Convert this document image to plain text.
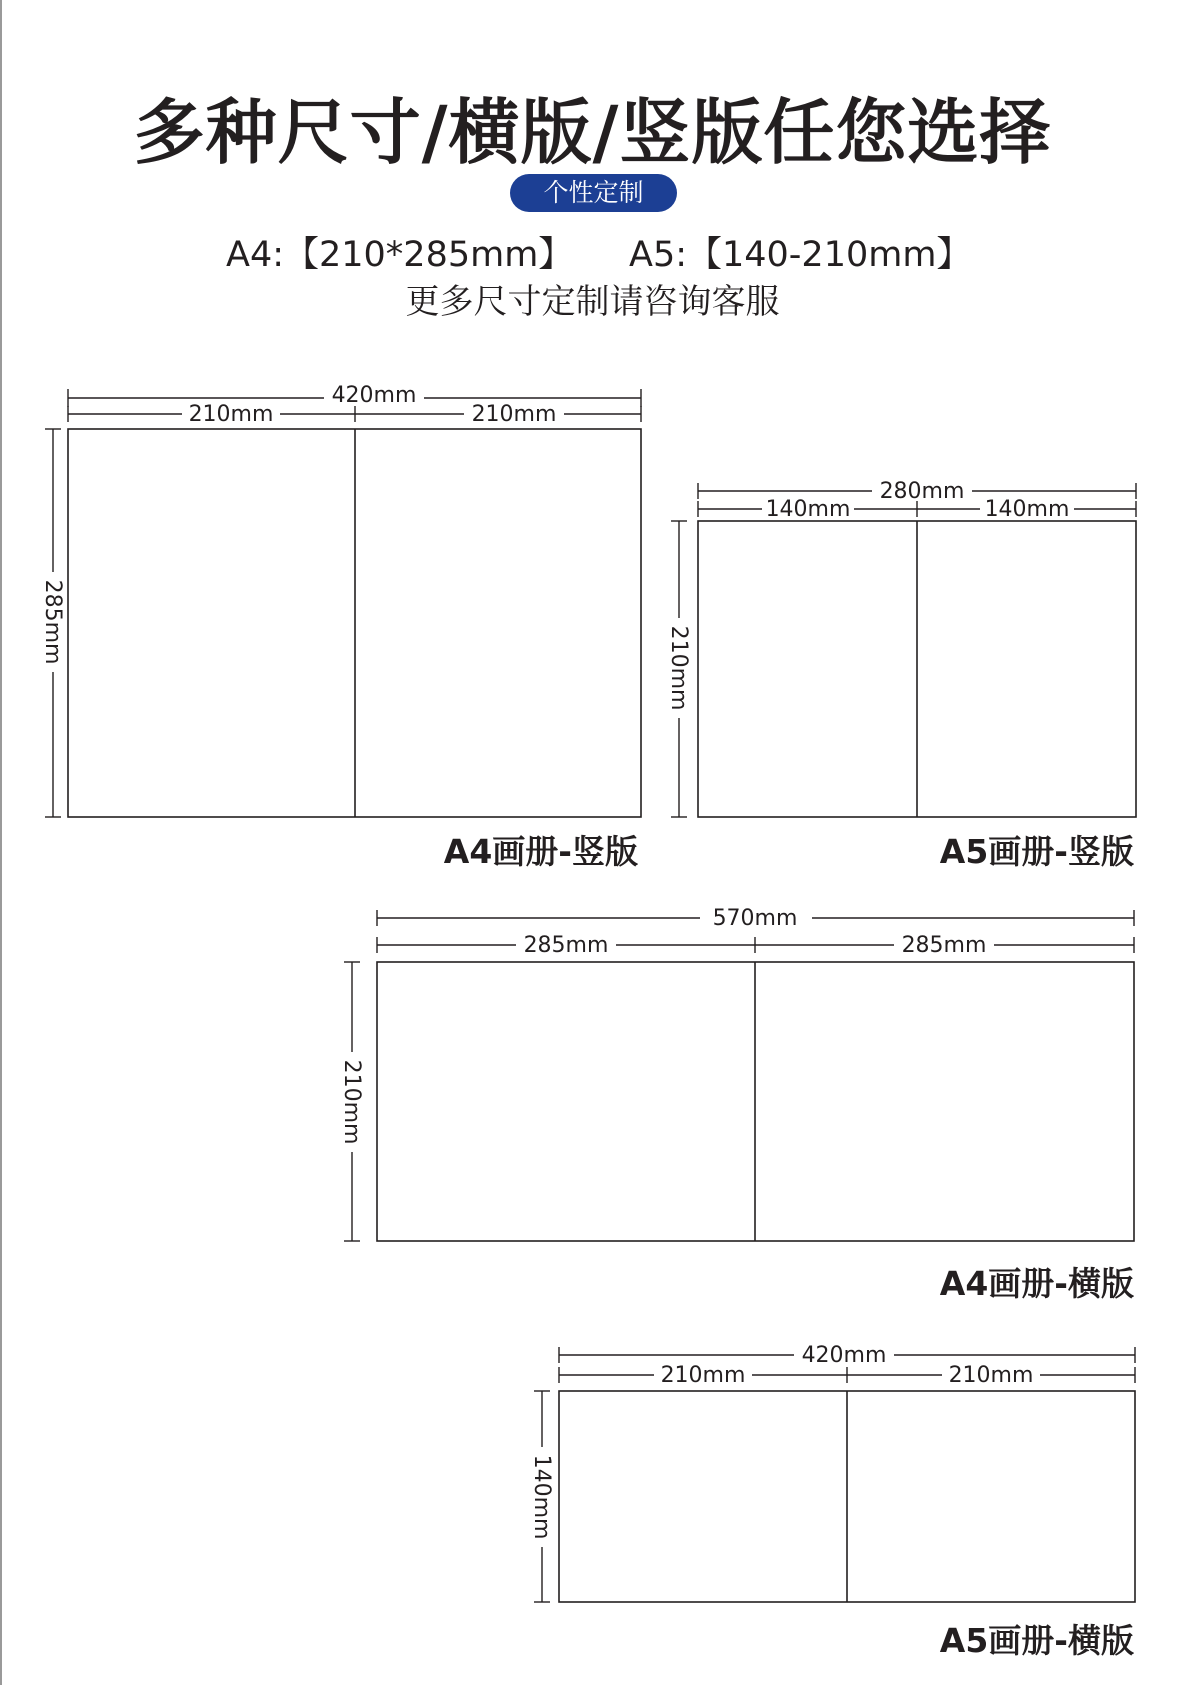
多种尺寸/横版/竖版任您选择
个性定制
A4:【210*285mm】 A5:【140-210mm】
更多尺寸定制请咨询客服
420mm
210mm	210mm
285mm
280mm
140mm	140mm
210mm
570mm
285mm	285mm
210mm
420mm
210mm	210mm
140mm
A4画册-竖版	A5画册-竖版
A4画册-横版
A5画册-横版
